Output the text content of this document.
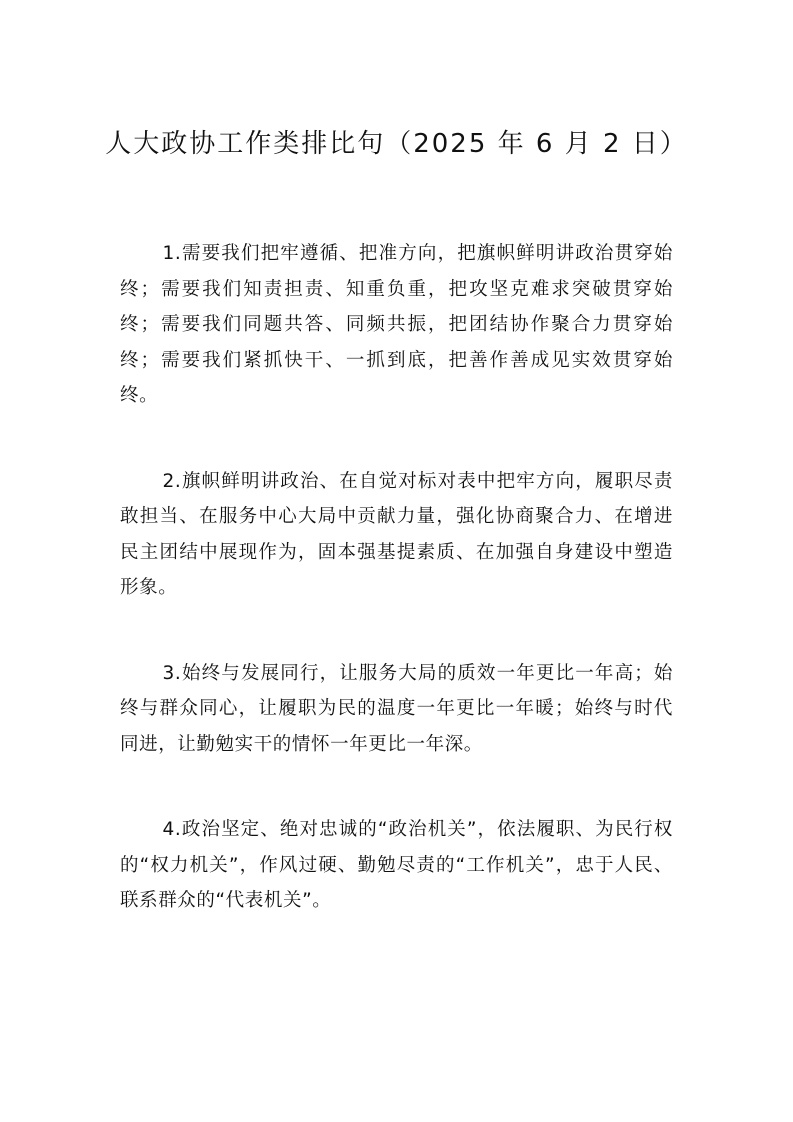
人大政协工作类排比句（2025 年 6 月 2 日）

1.需要我们把牢遵循、把准方向，把旗帜鲜明讲政治贯穿始终；需要我们知责担责、知重负重，把攻坚克难求突破贯穿始终；需要我们同题共答、同频共振，把团结协作聚合力贯穿始终；需要我们紧抓快干、一抓到底，把善作善成见实效贯穿始终。

2.旗帜鲜明讲政治、在自觉对标对表中把牢方向，履职尽责敢担当、在服务中心大局中贡献力量，强化协商聚合力、在增进民主团结中展现作为，固本强基提素质、在加强自身建设中塑造形象。

3.始终与发展同行，让服务大局的质效一年更比一年高；始终与群众同心，让履职为民的温度一年更比一年暖；始终与时代同进，让勤勉实干的情怀一年更比一年深。

4.政治坚定、绝对忠诚的“政治机关”，依法履职、为民行权的“权力机关”，作风过硬、勤勉尽责的“工作机关”，忠于人民、联系群众的“代表机关”。
